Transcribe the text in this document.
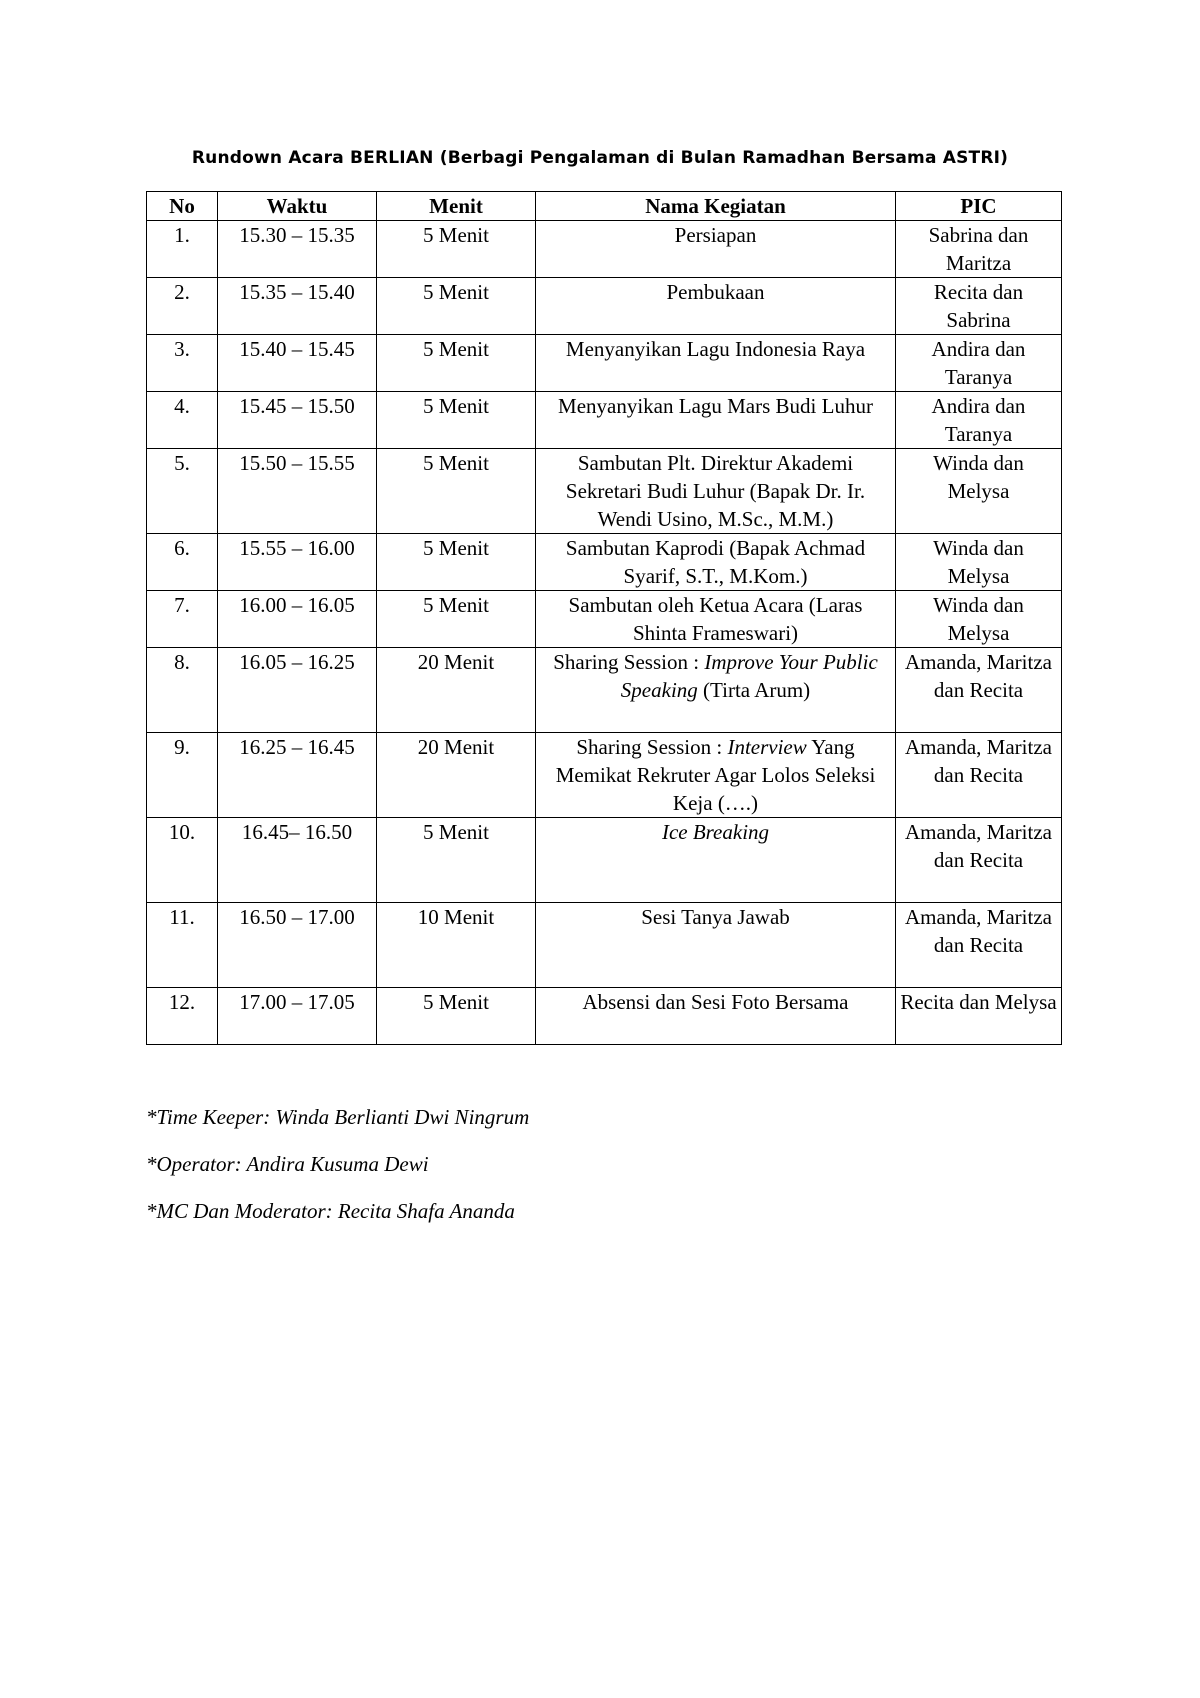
Rundown Acara BERLIAN (Berbagi Pengalaman di Bulan Ramadhan Bersama ASTRI)
No	Waktu	Menit	Nama Kegiatan	PIC
1.	15.30 – 15.35	5 Menit	Persiapan	Sabrina dan Maritza
2.	15.35 – 15.40	5 Menit	Pembukaan	Recita dan Sabrina
3.	15.40 – 15.45	5 Menit	Menyanyikan Lagu Indonesia Raya	Andira dan Taranya
4.	15.45 – 15.50	5 Menit	Menyanyikan Lagu Mars Budi Luhur	Andira dan Taranya
5.	15.50 – 15.55	5 Menit	Sambutan Plt. Direktur Akademi Sekretari Budi Luhur (Bapak Dr. Ir. Wendi Usino, M.Sc., M.M.)	Winda dan Melysa
6.	15.55 – 16.00	5 Menit	Sambutan Kaprodi (Bapak Achmad Syarif, S.T., M.Kom.)	Winda dan Melysa
7.	16.00 – 16.05	5 Menit	Sambutan oleh Ketua Acara (Laras Shinta Frameswari)	Winda dan Melysa
8.	16.05 – 16.25	20 Menit	Sharing Session : Improve Your Public Speaking (Tirta Arum)	Amanda, Maritza dan Recita
9.	16.25 – 16.45	20 Menit	Sharing Session : Interview Yang Memikat Rekruter Agar Lolos Seleksi Keja (….)	Amanda, Maritza dan Recita
10.	16.45– 16.50	5 Menit	Ice Breaking	Amanda, Maritza dan Recita
11.	16.50 – 17.00	10 Menit	Sesi Tanya Jawab	Amanda, Maritza dan Recita
12.	17.00 – 17.05	5 Menit	Absensi dan Sesi Foto Bersama	Recita dan Melysa
*Time Keeper: Winda Berlianti Dwi Ningrum
*Operator: Andira Kusuma Dewi
*MC Dan Moderator: Recita Shafa Ananda
